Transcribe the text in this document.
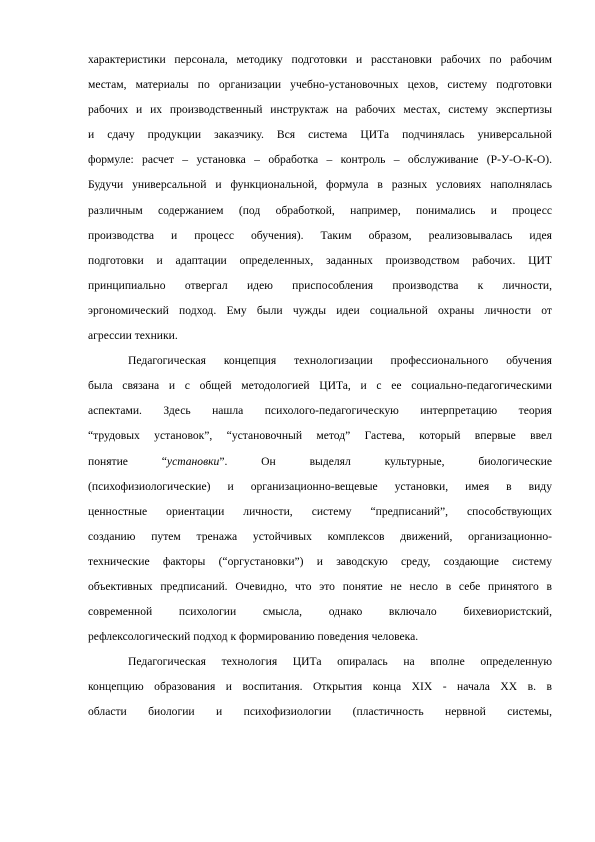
характеристики персонала, методику подготовки и расстановки рабочих по рабочим
местам, материалы по организации учебно-установочных цехов, систему подготовки
рабочих и их производственный инструктаж на рабочих местах, систему экспертизы
и сдачу продукции заказчику. Вся система ЦИТа подчинялась универсальной
формуле: расчет – установка – обработка – контроль – обслуживание (Р-У-О-К-О).
Будучи универсальной и функциональной, формула в разных условиях наполнялась
различным содержанием (под обработкой, например, понимались и процесс
производства и процесс обучения). Таким образом, реализовывалась идея
подготовки и адаптации определенных, заданных производством рабочих. ЦИТ
принципиально отвергал идею приспособления производства к личности,
эргономический подход. Ему были чужды идеи социальной охраны личности от
агрессии техники.
Педагогическая концепция технологизации профессионального обучения
была связана и с общей методологией ЦИТа, и с ее социально-педагогическими
аспектами. Здесь нашла психолого-педагогическую интерпретацию теория
“трудовых установок”, “установочный метод” Гастева, который впервые ввел
понятие “установки”. Он выделял культурные, биологические
(психофизиологические) и организационно-вещевые установки, имея в виду
ценностные ориентации личности, систему “предписаний”, способствующих
созданию путем тренажа устойчивых комплексов движений, организационно-
технические факторы (“оргустановки”) и заводскую среду, создающие систему
объективных предписаний. Очевидно, что это понятие не несло в себе принятого в
современной психологии смысла, однако включало бихевиористский,
рефлексологический подход к формированию поведения человека.
Педагогическая технология ЦИТа опиралась на вполне определенную
концепцию образования и воспитания. Открытия конца XIX - начала XX в. в
области биологии и психофизиологии (пластичность нервной системы,
